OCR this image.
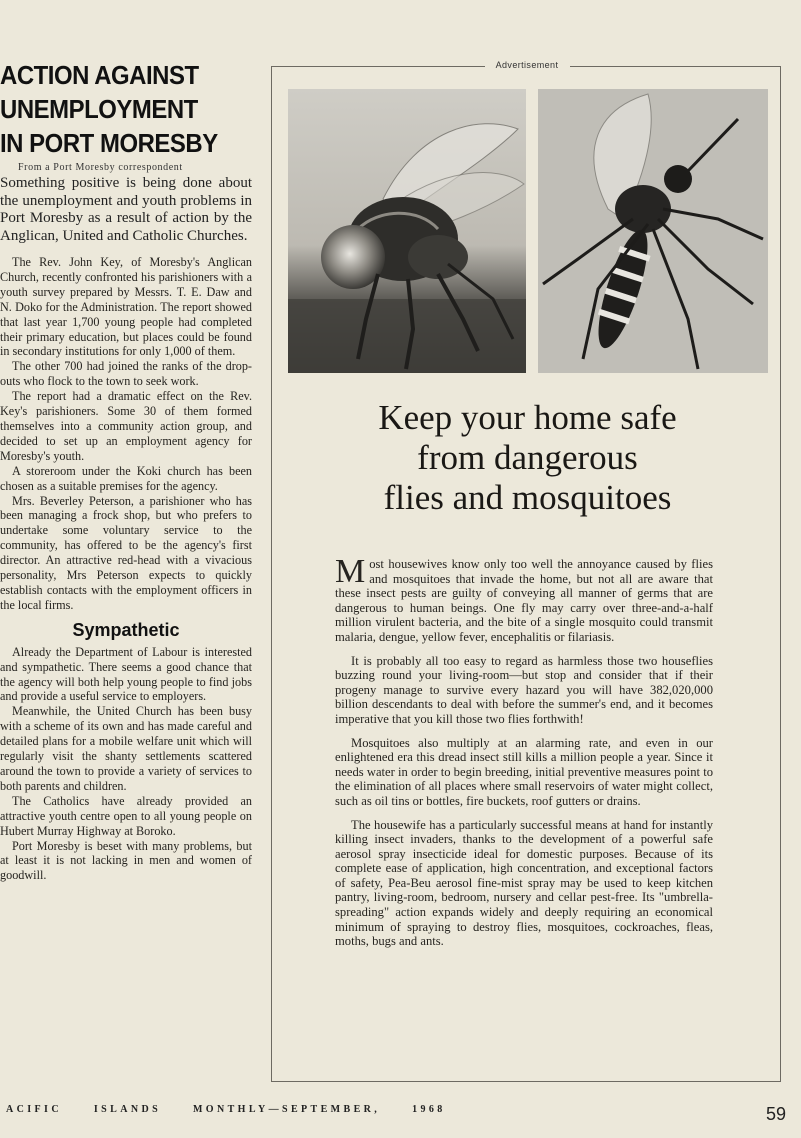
ACTION AGAINST
UNEMPLOYMENT
IN PORT MORESBY
From a Port Moresby correspondent

Something positive is being done about the unemployment and youth problems in Port Moresby as a result of action by the Anglican, United and Catholic Churches.

The Rev. John Key, of Moresby's Anglican Church, recently confronted his parishioners with a youth survey prepared by Messrs. T. E. Daw and N. Doko for the Administration. The report showed that last year 1,700 young people had completed their primary education, but places could be found in secondary institutions for only 1,000 of them.

The other 700 had joined the ranks of the drop-outs who flock to the town to seek work.

The report had a dramatic effect on the Rev. Key's parishioners. Some 30 of them formed themselves into a community action group, and decided to set up an employment agency for Moresby's youth.

A storeroom under the Koki church has been chosen as a suitable premises for the agency.

Mrs. Beverley Peterson, a parishioner who has been managing a frock shop, but who prefers to undertake some voluntary service to the community, has offered to be the agency's first director. An attractive red-head with a vivacious personality, Mrs Peterson expects to quickly establish contacts with the employment officers in the local firms.

Sympathetic

Already the Department of Labour is interested and sympathetic. There seems a good chance that the agency will both help young people to find jobs and provide a useful service to employers.

Meanwhile, the United Church has been busy with a scheme of its own and has made careful and detailed plans for a mobile welfare unit which will regularly visit the shanty settlements scattered around the town to provide a variety of services to both parents and children.

The Catholics have already provided an attractive youth centre open to all young people on Hubert Murray Highway at Boroko.

Port Moresby is beset with many problems, but at least it is not lacking in men and women of goodwill.

Advertisement
Keep your home safe
from dangerous
flies and mosquitoes

Most housewives know only too well the annoyance caused by flies and mosquitoes that invade the home, but not all are aware that these insect pests are guilty of conveying all manner of germs that are dangerous to human beings. One fly may carry over three-and-a-half million virulent bacteria, and the bite of a single mosquito could transmit malaria, dengue, yellow fever, encephalitis or filariasis.

It is probably all too easy to regard as harmless those two houseflies buzzing round your living-room—but stop and consider that if their progeny manage to survive every hazard you will have 382,020,000 billion descendants to deal with before the summer's end, and it becomes imperative that you kill those two flies forthwith!

Mosquitoes also multiply at an alarming rate, and even in our enlightened era this dread insect still kills a million people a year. Since it needs water in order to begin breeding, initial preventive measures point to the elimination of all places where small reservoirs of water might collect, such as oil tins or bottles, fire buckets, roof gutters or drains.

The housewife has a particularly successful means at hand for instantly killing insect invaders, thanks to the development of a powerful safe aerosol spray insecticide ideal for domestic purposes. Because of its complete ease of application, high concentration, and exceptional factors of safety, Pea-Beu aerosol fine-mist spray may be used to keep kitchen pantry, living-room, bedroom, nursery and cellar pest-free. Its "umbrella-spreading" action expands widely and deeply requiring an economical minimum of spraying to destroy flies, mosquitoes, cockroaches, fleas, moths, bugs and ants.

ACIFIC	ISLANDS	MONTHLY—SEPTEMBER,	1968	59
